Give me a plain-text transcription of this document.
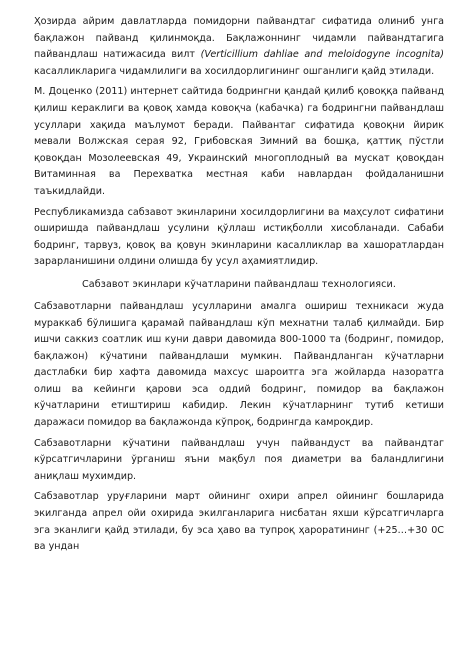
Ҳозирда айрим давлатларда помидорни пайвандтаг сифатида олиниб унга бақлажон пайванд қилинмоқда. Бақлажоннинг чидамли пайвандтагига пайвандлаш натижасида вилт (Verticillium dahliae and meloidogyne incognita) касалликларига чидамлилиги ва хосилдорлигининг ошганлиги қайд этилади.

М. Доценко (2011) интернет сайтида бодрингни қандай қилиб қовоққа пайванд қилиш кераклиги ва қовоқ хамда ковоқча (кабачка) га бодрингни пайвандлаш усуллари хақида маълумот беради. Пайвантаг сифатида қовоқни йирик мевали Волжская серая 92, Грибовская Зимний ва бошқа, қаттиқ пўстли қовоқдан Мозолеевская 49, Украинский многоплодный ва мускат қовоқдан Витаминная ва Перехватка местная каби навлардан фойдаланишни таъкидлайди.

Республикамизда сабзавот экинларини хосилдорлигини ва маҳсулот сифатини оширишда пайвандлаш усулини қўллаш истиқболли хисобланади. Сабаби бодринг, тарвуз, қовоқ ва қовун экинларини касалликлар ва хашоратлардан зарарланишини олдини олишда бу усул аҳамиятлидир.

Сабзавот экинлари кўчатларини пайвандлаш технологияси.

Сабзавотларни пайвандлаш усулларини амалга ошириш техникаси жуда мураккаб бўлишига қарамай пайвандлаш кўп мехнатни талаб қилмайди. Бир ишчи саккиз соатлик иш куни даври давомида 800-1000 та (бодринг, помидор, бақлажон) кўчатини пайвандлаши мумкин. Пайвандланган кўчатларни дастлабки бир хафта давомида махсус шароитга эга жойларда назоратга олиш ва кейинги қарови эса оддий бодринг, помидор ва бақлажон кўчатларини етиштириш кабидир. Лекин кўчатларнинг тутиб кетиши даражаси помидор ва бақлажонда кўпроқ, бодрингда камроқдир.

Сабзавотларни кўчатини пайвандлаш учун пайвандуст ва пайвандтаг кўрсатгичларини ўрганиш яъни мақбул поя диаметри ва баландлигини аниқлаш мухимдир.

Сабзавотлар уруғларини март ойининг охири апрел ойининг бошларида экилганда апрел ойи охирида экилганларига нисбатан яхши кўрсатгичларга эга эканлиги қайд этилади, бу эса ҳаво ва тупроқ ҳароратининг (+25…+30 0С ва ундан
